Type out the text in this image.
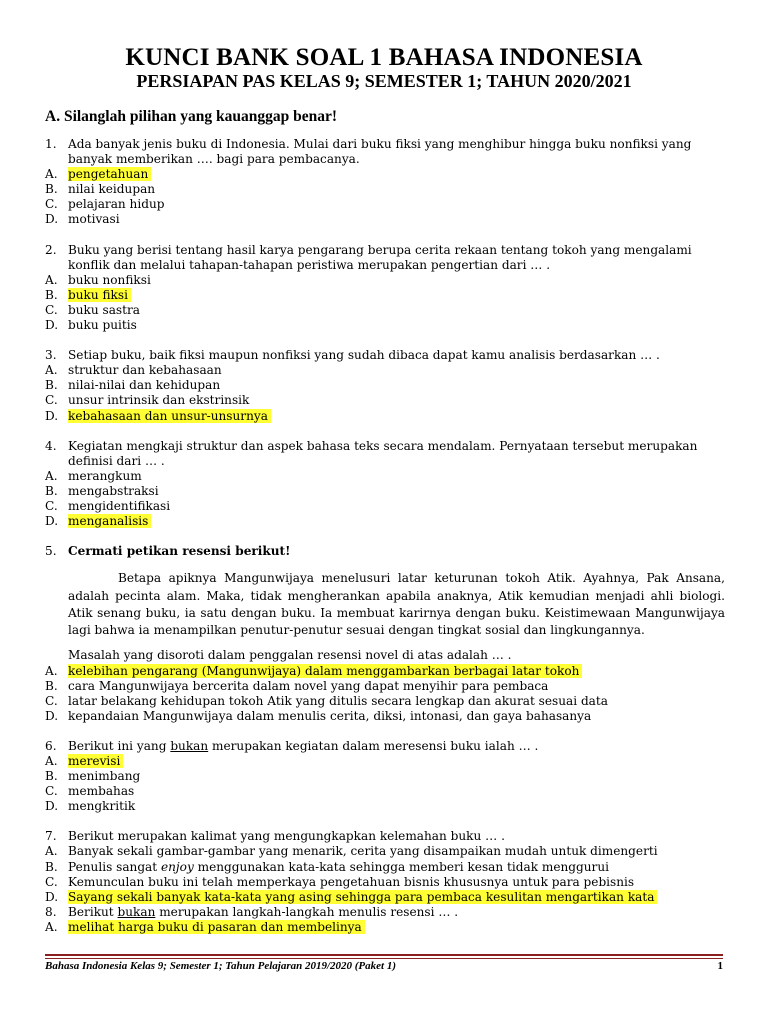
KUNCI BANK SOAL 1 BAHASA INDONESIA
PERSIAPAN PAS KELAS 9; SEMESTER 1; TAHUN 2020/2021
A. Silanglah pilihan yang kauanggap benar!
1. Ada banyak jenis buku di Indonesia. Mulai dari buku fiksi yang menghibur hingga buku nonfiksi yang banyak memberikan …. bagi para pembacanya.
A. pengetahuan
B. nilai keidupan
C. pelajaran hidup
D. motivasi
2. Buku yang berisi tentang hasil karya pengarang berupa cerita rekaan tentang tokoh yang mengalami konflik dan melalui tahapan-tahapan peristiwa merupakan pengertian dari … .
A. buku nonfiksi
B. buku fiksi
C. buku sastra
D. buku puitis
3. Setiap buku, baik fiksi maupun nonfiksi yang sudah dibaca dapat kamu analisis berdasarkan … .
A. struktur dan kebahasaan
B. nilai-nilai dan kehidupan
C. unsur intrinsik dan ekstrinsik
D. kebahasaan dan unsur-unsurnya
4. Kegiatan mengkaji struktur dan aspek bahasa teks secara mendalam. Pernyataan tersebut merupakan definisi dari … .
A. merangkum
B. mengabstraksi
C. mengidentifikasi
D. menganalisis
5. Cermati petikan resensi berikut!

Betapa apiknya Mangunwijaya menelusuri latar keturunan tokoh Atik. Ayahnya, Pak Ansana, adalah pecinta alam. Maka, tidak mengherankan apabila anaknya, Atik kemudian menjadi ahli biologi. Atik senang buku, ia satu dengan buku. Ia membuat karirnya dengan buku. Keistimewaan Mangunwijaya lagi bahwa ia menampilkan penutur-penutur sesuai dengan tingkat sosial dan lingkungannya.

Masalah yang disoroti dalam penggalan resensi novel di atas adalah … .
A. kelebihan pengarang (Mangunwijaya) dalam menggambarkan berbagai latar tokoh
B. cara Mangunwijaya bercerita dalam novel yang dapat menyihir para pembaca
C. latar belakang kehidupan tokoh Atik yang ditulis secara lengkap dan akurat sesuai data
D. kepandaian Mangunwijaya dalam menulis cerita, diksi, intonasi, dan gaya bahasanya
6. Berikut ini yang bukan merupakan kegiatan dalam meresensi buku ialah … .
A. merevisi
B. menimbang
C. membahas
D. mengkritik
7. Berikut merupakan kalimat yang mengungkapkan kelemahan buku … .
A. Banyak sekali gambar-gambar yang menarik, cerita yang disampaikan mudah untuk dimengerti
B. Penulis sangat enjoy menggunakan kata-kata sehingga memberi kesan tidak menggurui
C. Kemunculan buku ini telah memperkaya pengetahuan bisnis khususnya untuk para pebisnis
D. Sayang sekali banyak kata-kata yang asing sehingga para pembaca kesulitan mengartikan kata
8. Berikut bukan merupakan langkah-langkah menulis resensi … .
A. melihat harga buku di pasaran dan membelinya
Bahasa Indonesia Kelas 9; Semester 1; Tahun Pelajaran 2019/2020 (Paket 1)	1
